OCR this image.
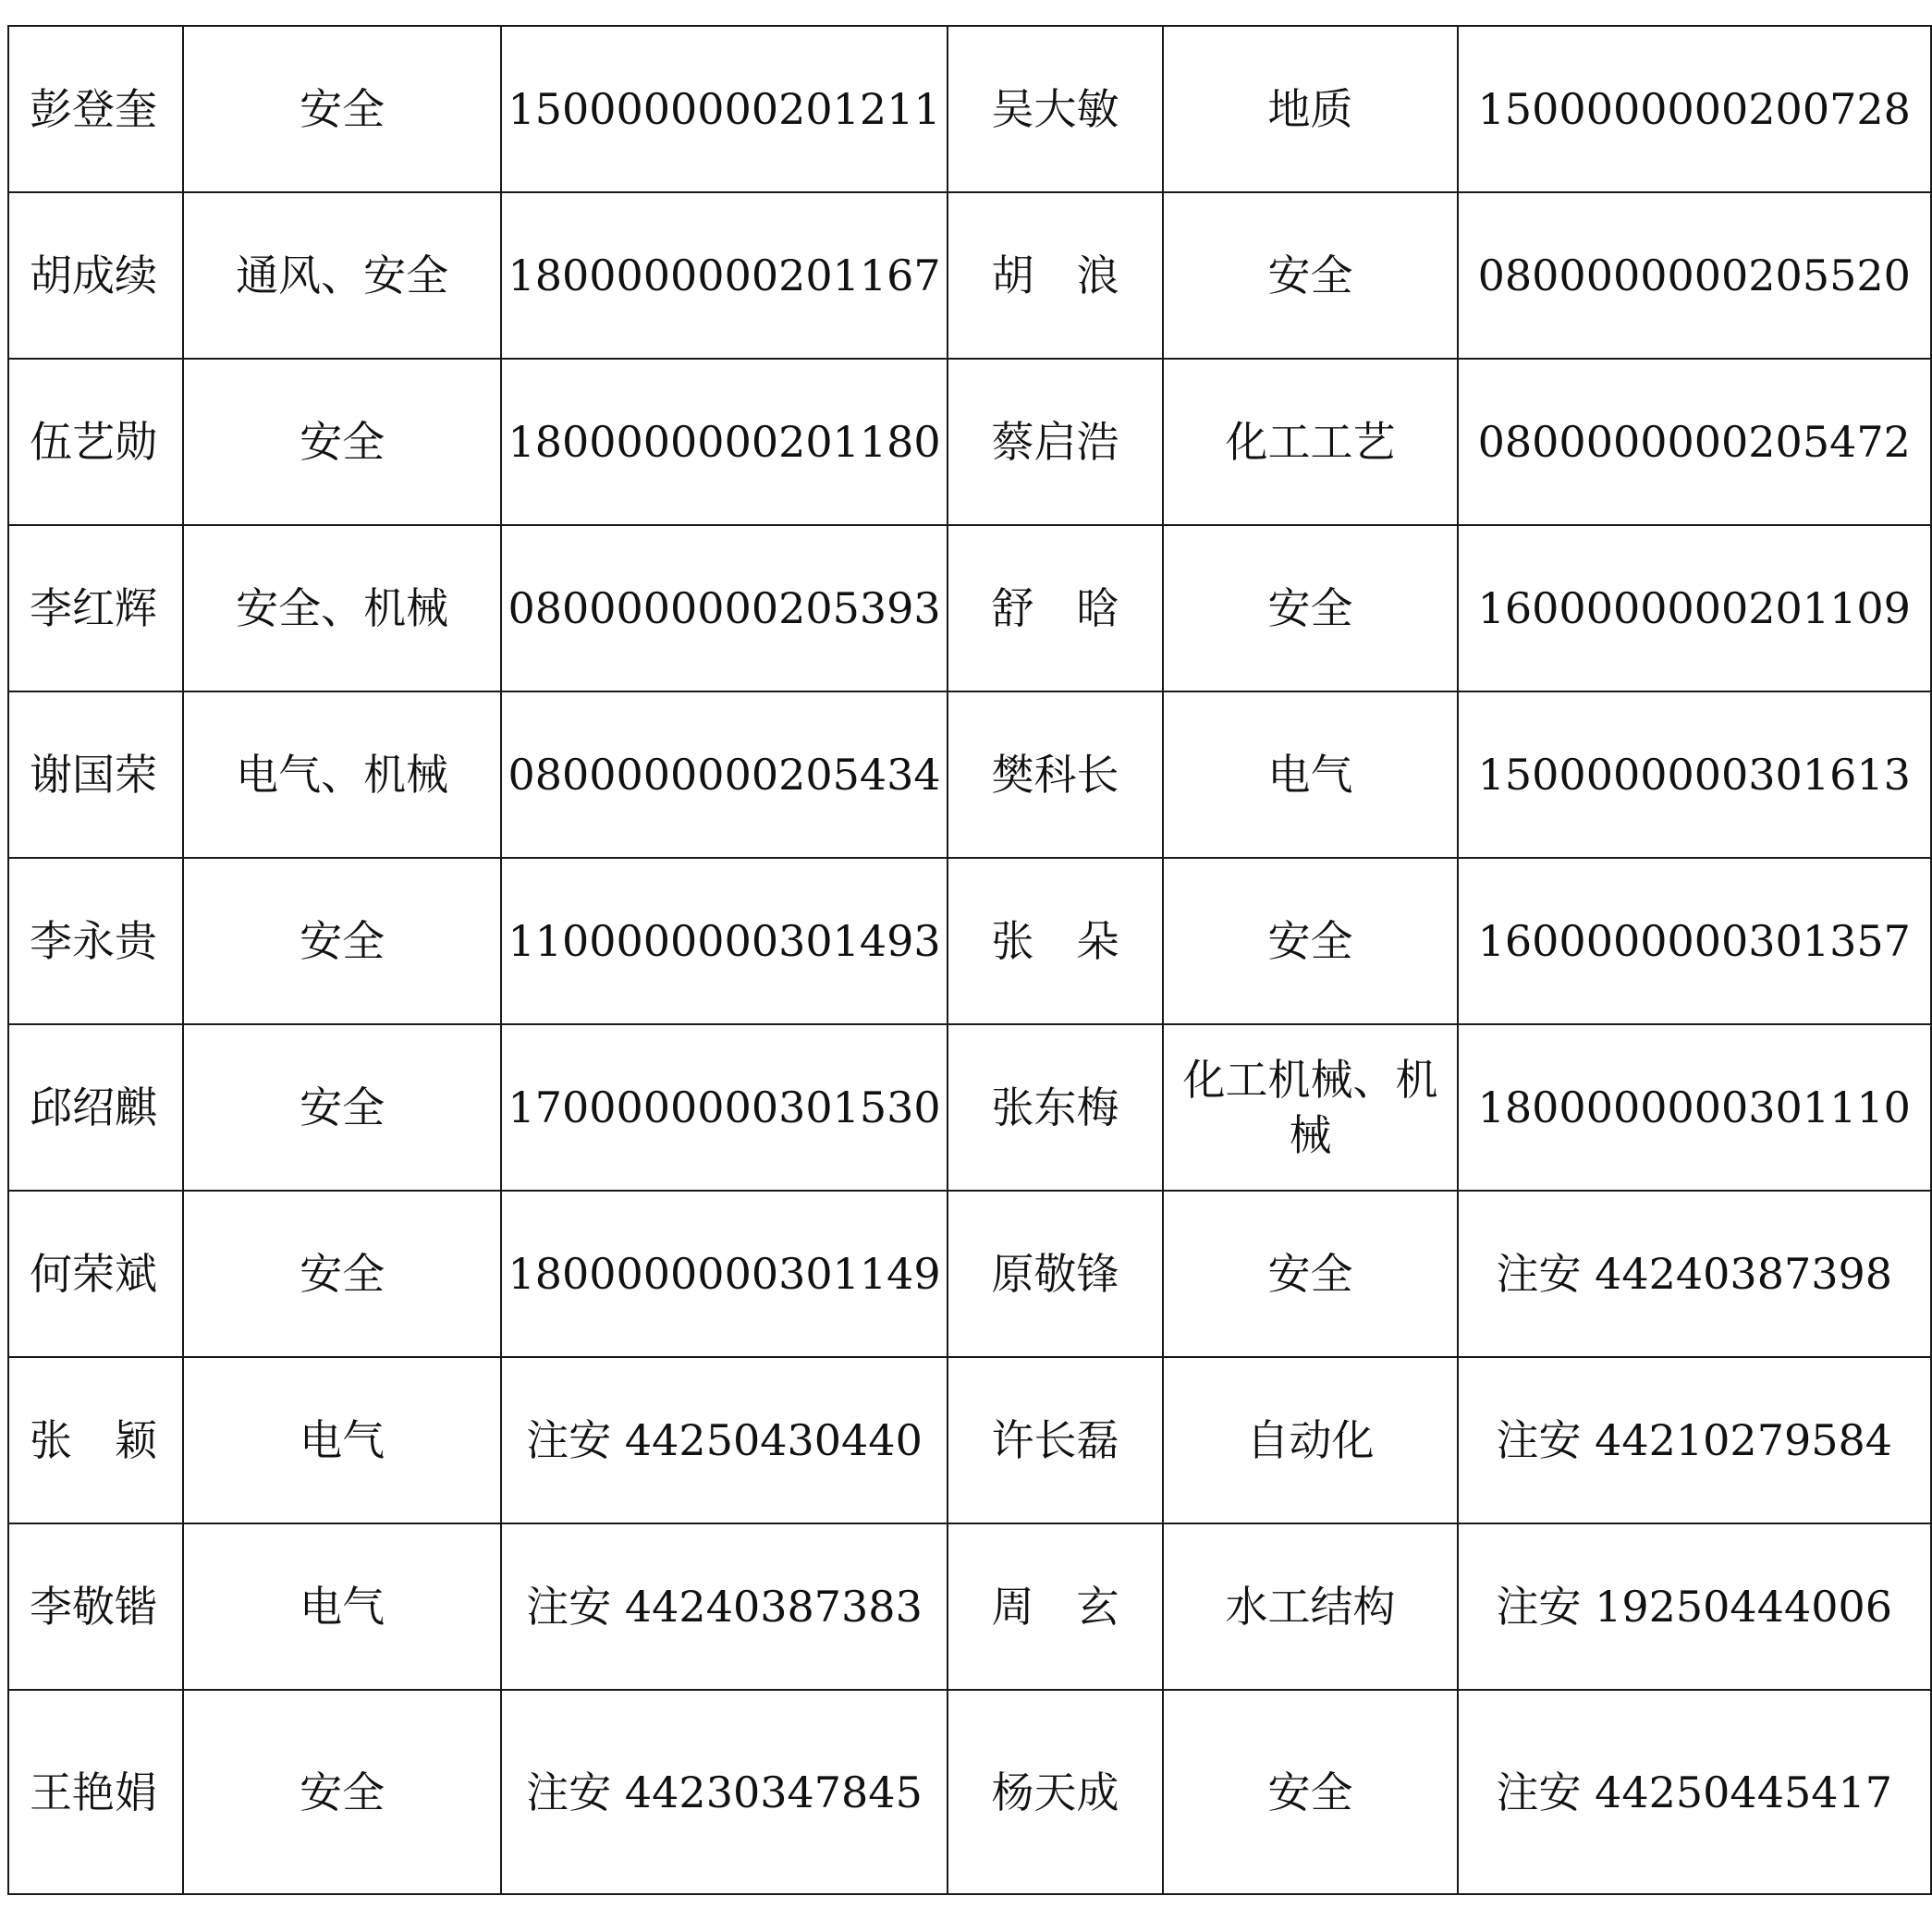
彭登奎	安全	1500000000201211	吴大敏	地质	1500000000200728
胡成续	通风、安全	1800000000201167	胡　浪	安全	0800000000205520
伍艺勋	安全	1800000000201180	蔡启浩	化工工艺	0800000000205472
李红辉	安全、机械	0800000000205393	舒　晗	安全	1600000000201109
谢国荣	电气、机械	0800000000205434	樊科长	电气	1500000000301613
李永贵	安全	1100000000301493	张　朵	安全	1600000000301357
邱绍麒	安全	1700000000301530	张东梅	化工机械、机械	1800000000301110
何荣斌	安全	1800000000301149	原敬锋	安全	注安 44240387398
张　颖	电气	注安 44250430440	许长磊	自动化	注安 44210279584
李敬锴	电气	注安 44240387383	周　玄	水工结构	注安 19250444006
王艳娟	安全	注安 44230347845	杨天成	安全	注安 44250445417
